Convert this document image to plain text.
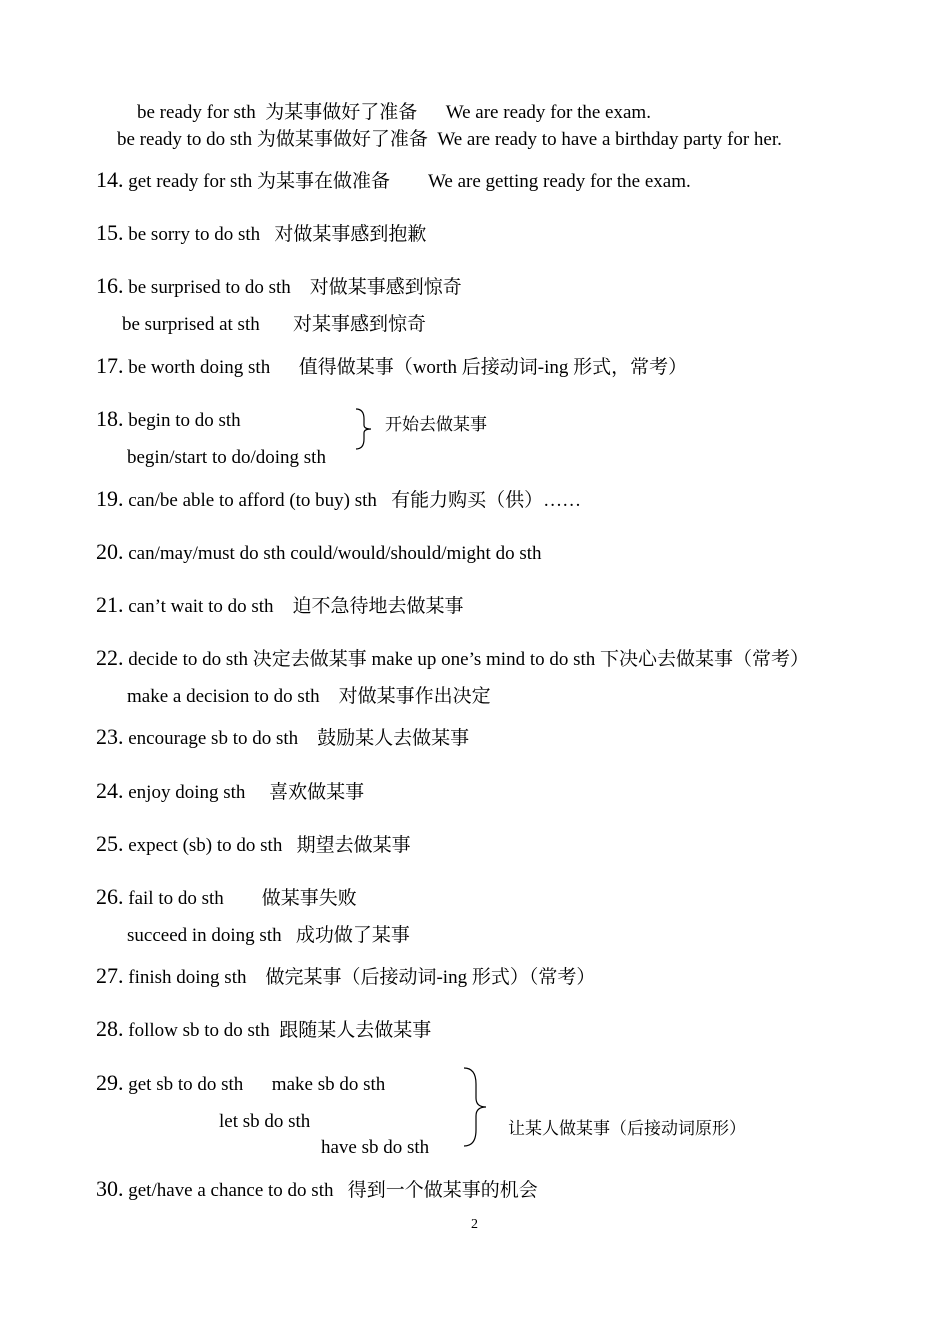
be ready for sth  为某事做好了准备      We are ready for the exam.
be ready to do sth 为做某事做好了准备  We are ready to have a birthday party for her.
14. get ready for sth 为某事在做准备        We are getting ready for the exam.
15. be sorry to do sth   对做某事感到抱歉
16. be surprised to do sth    对做某事感到惊奇
be surprised at sth       对某事感到惊奇
17. be worth doing sth      值得做某事（worth 后接动词-ing 形式，常考）
18. begin to do sth
begin/start to do/doing sth
开始去做某事
19. can/be able to afford (to buy) sth   有能力购买（供）……
20. can/may/must do sth could/would/should/might do sth
21. can’t wait to do sth    迫不急待地去做某事
22. decide to do sth 决定去做某事 make up one’s mind to do sth 下决心去做某事（常考）
make a decision to do sth    对做某事作出决定
23. encourage sb to do sth    鼓励某人去做某事
24. enjoy doing sth     喜欢做某事
25. expect (sb) to do sth   期望去做某事
26. fail to do sth        做某事失败
succeed in doing sth   成功做了某事
27. finish doing sth    做完某事（后接动词-ing 形式）（常考）
28. follow sb to do sth  跟随某人去做某事
29. get sb to do sth      make sb do sth
let sb do sth
have sb do sth
让某人做某事（后接动词原形）
30. get/have a chance to do sth   得到一个做某事的机会
2
